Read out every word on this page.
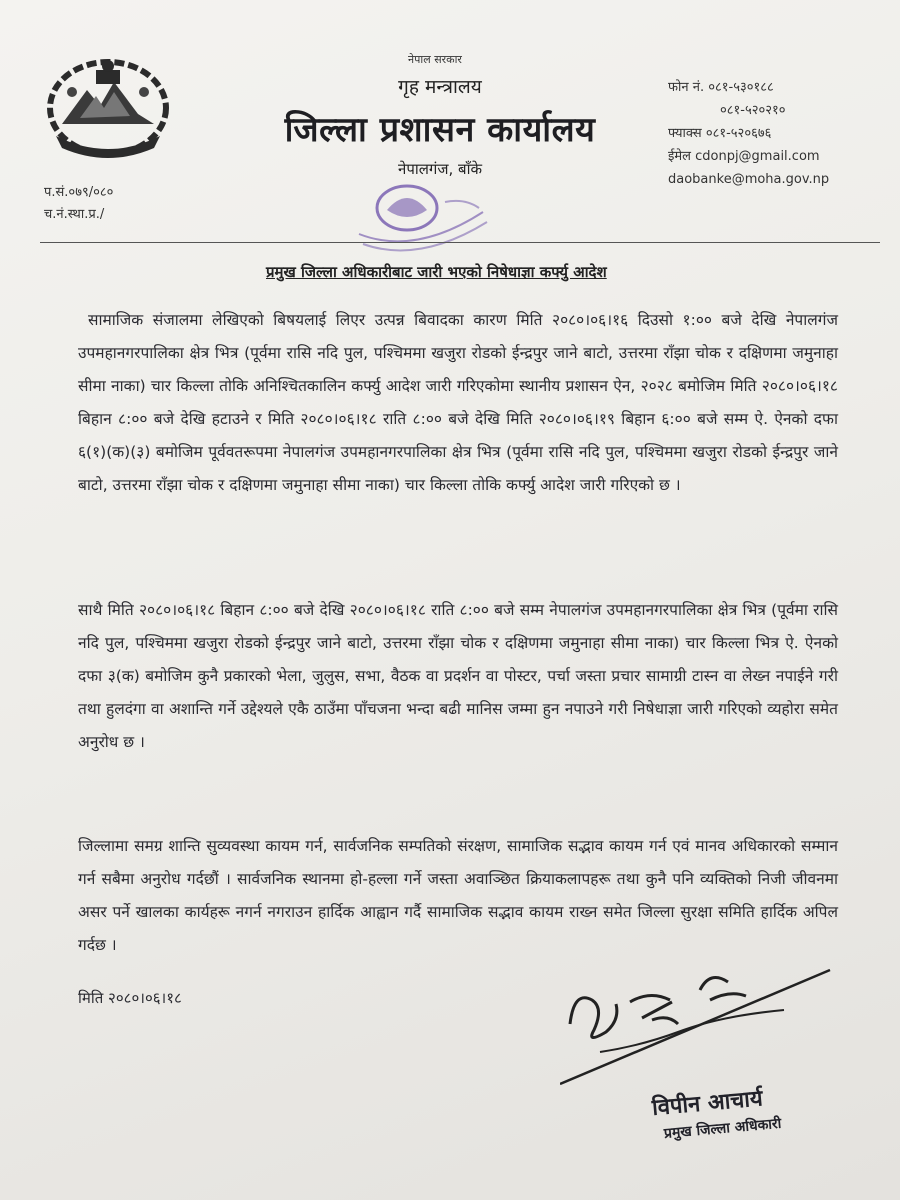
नेपाल सरकार
गृह मन्त्रालय
जिल्ला प्रशासन कार्यालय
नेपालगंज, बाँके
फोन नं. ०८१-५३०१८८
०८१-५२०२१०
फ्याक्स ०८१-५२०६७६
ईमेल cdonpj@gmail.com
daobanke@moha.gov.np
प.सं.०७९/०८०
च.नं.स्था.प्र./
प्रमुख जिल्ला अधिकारीबाट जारी भएको निषेधाज्ञा कर्फ्यु आदेश

सामाजिक संजालमा लेखिएको बिषयलाई लिएर उत्पन्न बिवादका कारण मिति २०८०।०६।१६ दिउसो १:०० बजे देखि नेपालगंज उपमहानगरपालिका क्षेत्र भित्र (पूर्वमा रासि नदि पुल, पश्चिममा खजुरा रोडको ईन्द्रपुर जाने बाटो, उत्तरमा राँझा चोक र दक्षिणमा जमुनाहा सीमा नाका) चार किल्ला तोकि अनिश्चितकालिन कर्फ्यु आदेश जारी गरिएकोमा स्थानीय प्रशासन ऐन, २०२८ बमोजिम मिति २०८०।०६।१८ बिहान ८:०० बजे देखि हटाउने र मिति २०८०।०६।१८ राति ८:०० बजे देखि मिति २०८०।०६।१९ बिहान ६:०० बजे सम्म ऐ. ऐनको दफा ६(१)(क)(३) बमोजिम पूर्ववतरूपमा नेपालगंज उपमहानगरपालिका क्षेत्र भित्र (पूर्वमा रासि नदि पुल, पश्चिममा खजुरा रोडको ईन्द्रपुर जाने बाटो, उत्तरमा राँझा चोक र दक्षिणमा जमुनाहा सीमा नाका) चार किल्ला तोकि कर्फ्यु आदेश जारी गरिएको छ ।

साथै मिति २०८०।०६।१८ बिहान ८:०० बजे देखि २०८०।०६।१८ राति ८:०० बजे सम्म नेपालगंज उपमहानगरपालिका क्षेत्र भित्र (पूर्वमा रासि नदि पुल, पश्चिममा खजुरा रोडको ईन्द्रपुर जाने बाटो, उत्तरमा राँझा चोक र दक्षिणमा जमुनाहा सीमा नाका) चार किल्ला भित्र ऐ. ऐनको दफा ३(क) बमोजिम कुनै प्रकारको भेला, जुलुस, सभा, वैठक वा प्रदर्शन वा पोस्टर, पर्चा जस्ता प्रचार सामाग्री टास्न वा लेख्न नपाईने गरी तथा हुलदंगा वा अशान्ति गर्ने उद्देश्यले एकै ठाउँमा पाँचजना भन्दा बढी मानिस जम्मा हुन नपाउने गरी निषेधाज्ञा जारी गरिएको व्यहोरा समेत अनुरोध छ ।

जिल्लामा समग्र शान्ति सुव्यवस्था कायम गर्न, सार्वजनिक सम्पतिको संरक्षण, सामाजिक सद्भाव कायम गर्न एवं मानव अधिकारको सम्मान गर्न सबैमा अनुरोध गर्दछौं । सार्वजनिक स्थानमा हो-हल्ला गर्ने जस्ता अवाञ्छित क्रियाकलापहरू तथा कुनै पनि व्यक्तिको निजी जीवनमा असर पर्ने खालका कार्यहरू नगर्न नगराउन हार्दिक आह्वान गर्दै सामाजिक सद्भाव कायम राख्न समेत जिल्ला सुरक्षा समिति हार्दिक अपिल गर्दछ ।

मिति २०८०।०६।१८
विपीन आचार्य
प्रमुख जिल्ला अधिकारी
